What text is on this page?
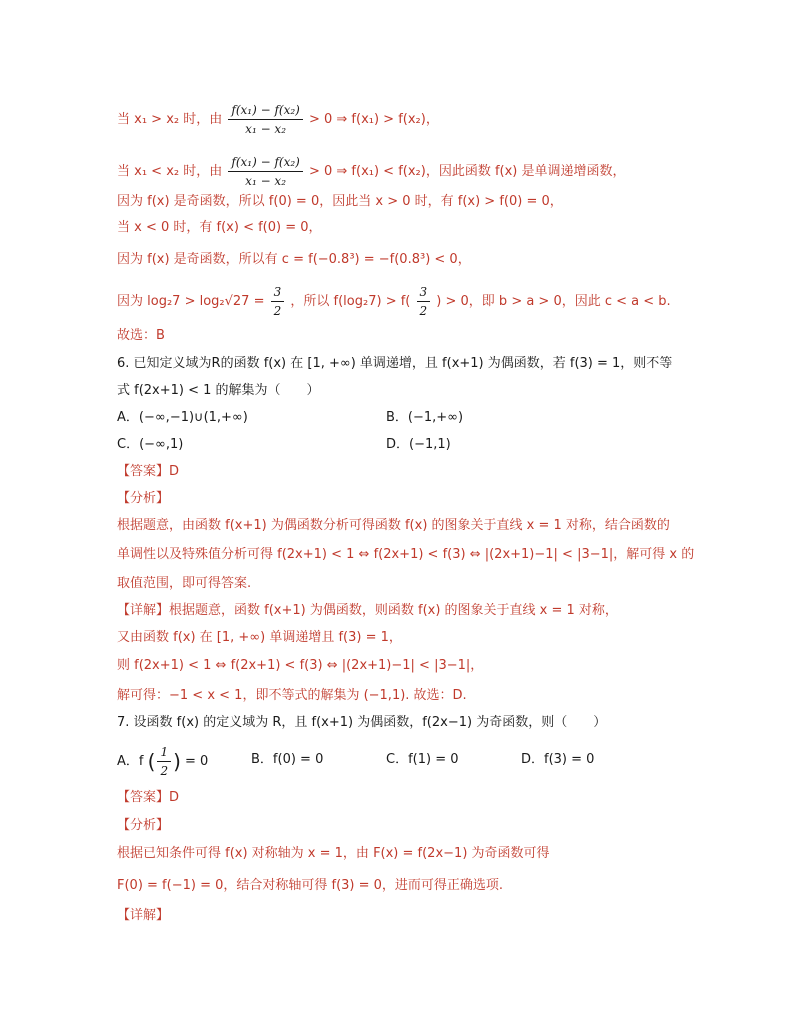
当 x₁ > x₂ 时，由 $\frac{\text{f(x₁) − f(x₂)}}{\text{x₁ − x₂}} > 0$ ⇒ f(x₁) > f(x₂)，
当 x₁ < x₂ 时，由 $\frac{\text{f(x₁) − f(x₂)}}{\text{x₁ − x₂}} > 0$ ⇒ f(x₁) < f(x₂)，因此函数 f(x) 是单调递增函数，
因为 f(x) 是奇函数，所以 f(0) = 0，因此当 x > 0 时，有 f(x) > f(0) = 0，
当 x < 0 时，有 f(x) < f(0) = 0，
因为 f(x) 是奇函数，所以有 c = f(−0.8³) = −f(0.8³) < 0，
因为 $\log_27 > \log_2√27 = \frac{3}{2}$ ，所以 $f(\log_27) > f( \frac{3}{2}$ ) > 0，即 b > a > 0，因此 c < a < b.
故选：B
6. 已知定义域为R的函数 f(x) 在 [1, +∞) 单调递增，且 f(x+1) 为偶函数，若 f(3) = 1，则不等
式 f(2x+1) < 1 的解集为（　　）
A．(−∞,−1)∪(1,+∞)	B．(−1,+∞)
C．(−∞,1)	D．(−1,1)
【答案】D
【分析】
根据题意，由函数 f(x+1) 为偶函数分析可得函数 f(x) 的图象关于直线 x = 1 对称，结合函数的
单调性以及特殊值分析可得 f(2x+1) < 1 ⇔ f(2x+1) < f(3) ⇔ |(2x+1)−1| < |3−1|，解可得 x 的
取值范围，即可得答案.
【详解】根据题意，函数 f(x+1) 为偶函数，则函数 f(x) 的图象关于直线 x = 1 对称，
又由函数 f(x) 在 [1, +∞) 单调递增且 f(3) = 1，
则 f(2x+1) < 1 ⇔ f(2x+1) < f(3) ⇔ |(2x+1)−1| < |3−1|，
解可得：−1 < x < 1，即不等式的解集为 (−1,1). 故选：D.
7. 设函数 f(x) 的定义域为 R，且 f(x+1) 为偶函数，f(2x−1) 为奇函数，则（　　）
A．f ( $\frac{1}{2}$ ) = 0	B．f(0) = 0	C．f(1) = 0	D．f(3) = 0
【答案】D
【分析】
根据已知条件可得 f(x) 对称轴为 x = 1，由 F(x) = f(2x−1) 为奇函数可得
F(0) = f(−1) = 0，结合对称轴可得 f(3) = 0，进而可得正确选项.
【详解】
